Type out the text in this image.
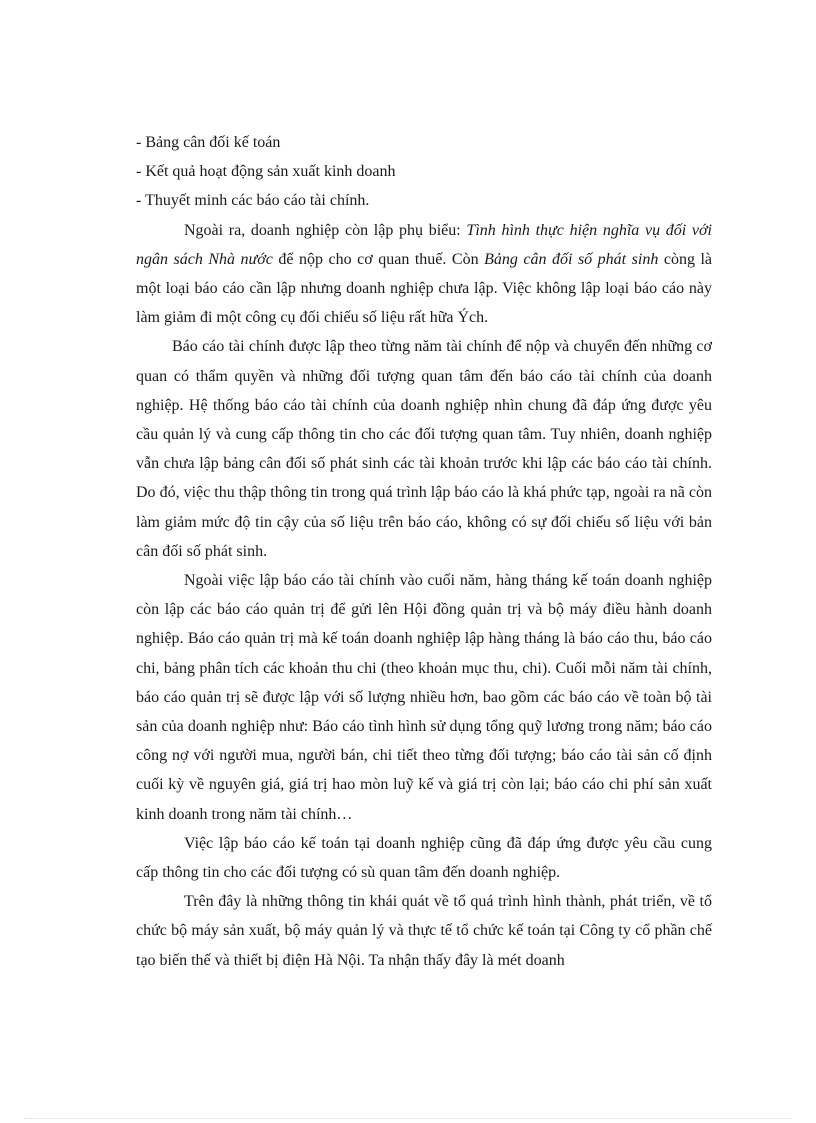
- Bảng cân đối kế toán

- Kết quả hoạt động sản xuất kinh doanh

- Thuyết minh các báo cáo tài chính.

Ngoài ra, doanh nghiệp còn lập phụ biểu: Tình hình thực hiện nghĩa vụ đối với ngân sách Nhà nước để nộp cho cơ quan thuế. Còn Bảng cân đối số phát sinh còng là một loại báo cáo cần lập nhưng doanh nghiệp chưa lập. Việc không lập loại báo cáo này làm giảm đi một công cụ đối chiếu số liệu rất hữa Ých.

Báo cáo tài chính được lập theo từng năm tài chính để nộp và chuyển đến những cơ quan có thẩm quyền và những đối tượng quan tâm đến báo cáo tài chính của doanh nghiệp. Hệ thống báo cáo tài chính của doanh nghiệp nhìn chung đã đáp ứng được yêu cầu quản lý và cung cấp thông tin cho các đối tượng quan tâm. Tuy nhiên, doanh nghiệp vẫn chưa lập bảng cân đối số phát sinh các tài khoản trước khi lập các báo cáo tài chính. Do đó, việc thu thập thông tin trong quá trình lập báo cáo là khá phức tạp, ngoài ra nã còn làm giảm mức độ tin cậy của số liệu trên báo cáo, không có sự đối chiếu số liệu với bản cân đối số phát sinh.

Ngoài việc lập báo cáo tài chính vào cuối năm, hàng tháng kế toán doanh nghiệp còn lập các báo cáo quản trị để gửi lên Hội đồng quản trị và bộ máy điều hành doanh nghiệp. Báo cáo quản trị mà kế toán doanh nghiệp lập hàng tháng là báo cáo thu, báo cáo chi, bảng phân tích các khoản thu chi (theo khoản mục thu, chi). Cuối mỗi năm tài chính, báo cáo quản trị sẽ được lập với số lượng nhiều hơn, bao gồm các báo cáo về toàn bộ tài sản của doanh nghiệp như: Báo cáo tình hình sử dụng tổng quỹ lương trong năm; báo cáo công nợ với người mua, người bán, chi tiết theo từng đối tượng; báo cáo tài sản cố định cuối kỳ về nguyên giá, giá trị hao mòn luỹ kế và giá trị còn lại; báo cáo chi phí sản xuất kinh doanh trong năm tài chính…

Việc lập báo cáo kế toán tại doanh nghiệp cũng đã đáp ứng được yêu cầu cung cấp thông tin cho các đối tượng có sù quan tâm đến doanh nghiệp.

Trên đây là những thông tin khái quát về tổ quá trình hình thành, phát triển, về tổ chức bộ máy sản xuất, bộ máy quản lý và thực tế tổ chức kế toán tại Công ty cổ phần chế tạo biến thế và thiết bị điện Hà Nội. Ta nhận thấy đây là mét doanh
